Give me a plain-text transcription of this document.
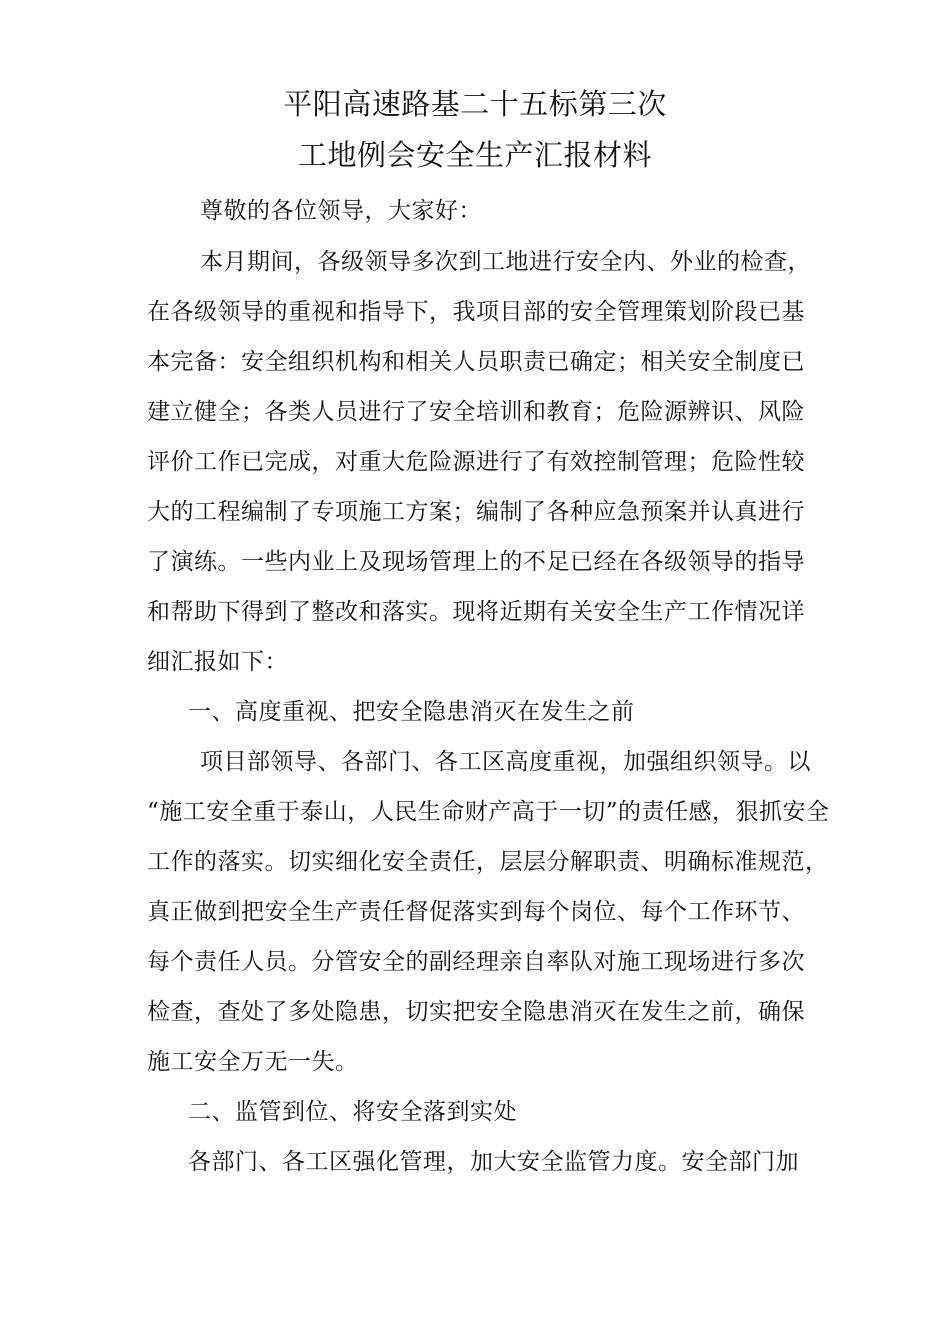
平阳高速路基二十五标第三次
工地例会安全生产汇报材料
尊敬的各位领导，大家好：
本月期间，各级领导多次到工地进行安全内、外业的检查，
在各级领导的重视和指导下，我项目部的安全管理策划阶段已基
本完备：安全组织机构和相关人员职责已确定；相关安全制度已
建立健全；各类人员进行了安全培训和教育；危险源辨识、风险
评价工作已完成，对重大危险源进行了有效控制管理；危险性较
大的工程编制了专项施工方案；编制了各种应急预案并认真进行
了演练。一些内业上及现场管理上的不足已经在各级领导的指导
和帮助下得到了整改和落实。现将近期有关安全生产工作情况详
细汇报如下：
一、高度重视、把安全隐患消灭在发生之前
项目部领导、各部门、各工区高度重视，加强组织领导。以
“施工安全重于泰山，人民生命财产高于一切”的责任感，狠抓安全
工作的落实。切实细化安全责任，层层分解职责、明确标准规范，
真正做到把安全生产责任督促落实到每个岗位、每个工作环节、
每个责任人员。分管安全的副经理亲自率队对施工现场进行多次
检查，查处了多处隐患，切实把安全隐患消灭在发生之前，确保
施工安全万无一失。
二、监管到位、将安全落到实处
各部门、各工区强化管理，加大安全监管力度。安全部门加
